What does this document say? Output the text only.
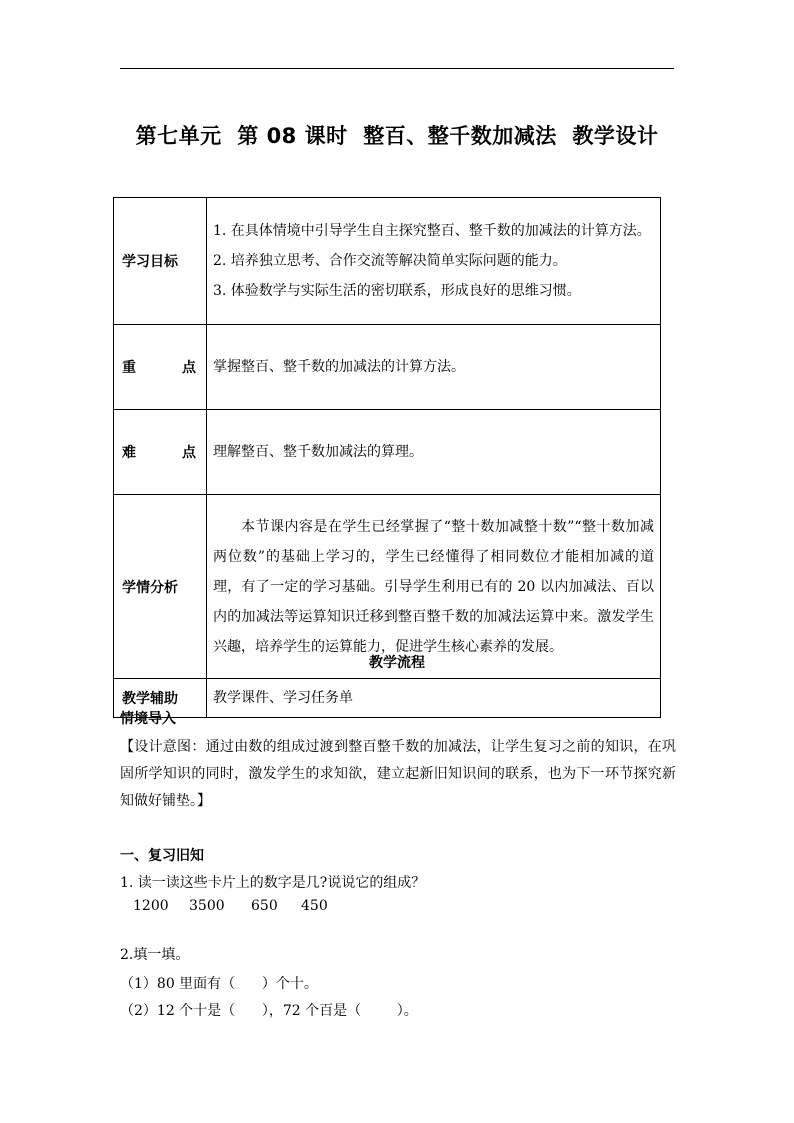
第七单元  第 08 课时  整百、整千数加减法  教学设计
学习目标	1. 在具体情境中引导学生自主探究整百、整千数的加减法的计算方法。
2. 培养独立思考、合作交流等解决简单实际问题的能力。
3. 体验数学与实际生活的密切联系，形成良好的思维习惯。

重 点	掌握整百、整千数的加减法的计算方法。

难 点	理解整百、整千数加减法的算理。
学情分析	本节课内容是在学生已经掌握了“整十数加减整十数”“整十数加减两位数”的基础上学习的，学生已经懂得了相同数位才能相加减的道理，有了一定的学习基础。引导学生利用已有的 20 以内加减法、百以内的加减法等运算知识迁移到整百整千数的加减法运算中来。激发学生兴趣，培养学生的运算能力，促进学生核心素养的发展。
教学辅助	教学课件、学习任务单
教学流程
情境导入
【设计意图：通过由数的组成过渡到整百整千数的加减法，让学生复习之前的知识，在巩固所学知识的同时，激发学生的求知欲，建立起新旧知识间的联系，也为下一环节探究新知做好铺垫。】
一、复习旧知
1. 读一读这些卡片上的数字是几?说说它的组成？
1200 3500 650 450
2.填一填。
（1）80 里面有（      ）个十。
（2）12 个十是（      ），72 个百是（        ）。
